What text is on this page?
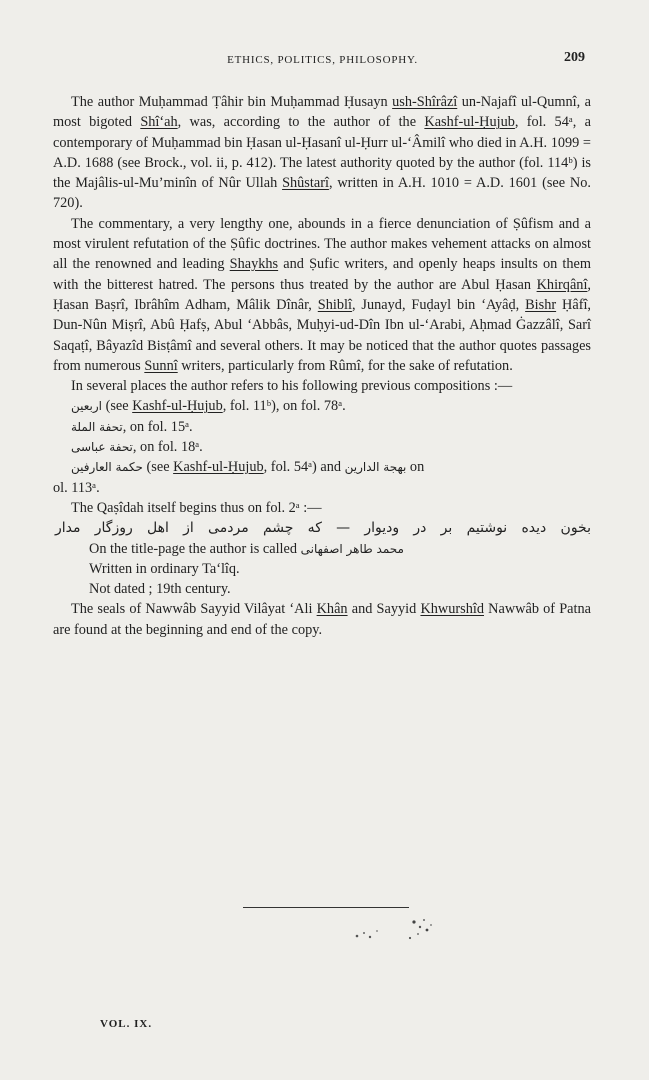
ETHICS, POLITICS, PHILOSOPHY.	209

The author Muḥammad Ṭâhir bin Muḥammad Ḥusayn ush-Shîrâzî un-Najafî ul-Qumnî, a most bigoted Shî‘ah, was, according to the author of the Kashf-ul-Ḥujub, fol. 54ᵃ, a contemporary of Muḥammad bin Ḥasan ul-Ḥasanî ul-Ḥurr ul-‘Âmilî who died in A.H. 1099 = A.D. 1688 (see Brock., vol. ii, p. 412). The latest authority quoted by the author (fol. 114ᵇ) is the Majâlis-ul-Mu’minîn of Nûr Ullah Shûstarî, written in A.H. 1010 = A.D. 1601 (see No. 720).

The commentary, a very lengthy one, abounds in a fierce denunciation of Ṣûfism and a most virulent refutation of the Ṣûfic doctrines. The author makes vehement attacks on almost all the renowned and leading Shaykhs and Ṣufic writers, and openly heaps insults on them with the bitterest hatred. The persons thus treated by the author are Abul Ḥasan Khirqânî, Ḥasan Baṣrî, Ibrâhîm Adham, Mâlik Dînâr, Shiblî, Junayd, Fuḍayl bin ‘Ayâḍ, Bishr Ḥâfî, Dun-Nûn Miṣrî, Abû Ḥafṣ, Abul ‘Abbâs, Muḥyi-ud-Dîn Ibn ul-‘Arabi, Aḥmad Ġazzâlî, Sarî Saqaṭî, Bâyazîd Bisṭâmî and several others. It may be noticed that the author quotes passages from numerous Sunnî writers, particularly from Rûmî, for the sake of refutation.

In several places the author refers to his following previous compositions :—

اربعین (see Kashf-ul-Ḥujub, fol. 11ᵇ), on fol. 78ᵃ.

تحفة الملة, on fol. 15ᵃ.

تحفة عباسی, on fol. 18ᵃ.

حکمة العارفین (see Kashf-ul-Ḥujub, fol. 54ᵃ) and بهجة الدارین on

ol. 113ᵃ.

The Qaṣîdah itself begins thus on fol. 2ᵃ :—

بخون دیده نوشتیم بر در ودیوار — که چشم مردمی از اهل روزگار مدار

On the title-page the author is called محمد طاهر اصفهانی

Written in ordinary Ta‘lîq.

Not dated ; 19th century.

The seals of Nawwâb Sayyid Vilâyat ‘Ali Khân and Sayyid Khwurshîd Nawwâb of Patna are found at the beginning and end of the copy.

VOL. IX.
